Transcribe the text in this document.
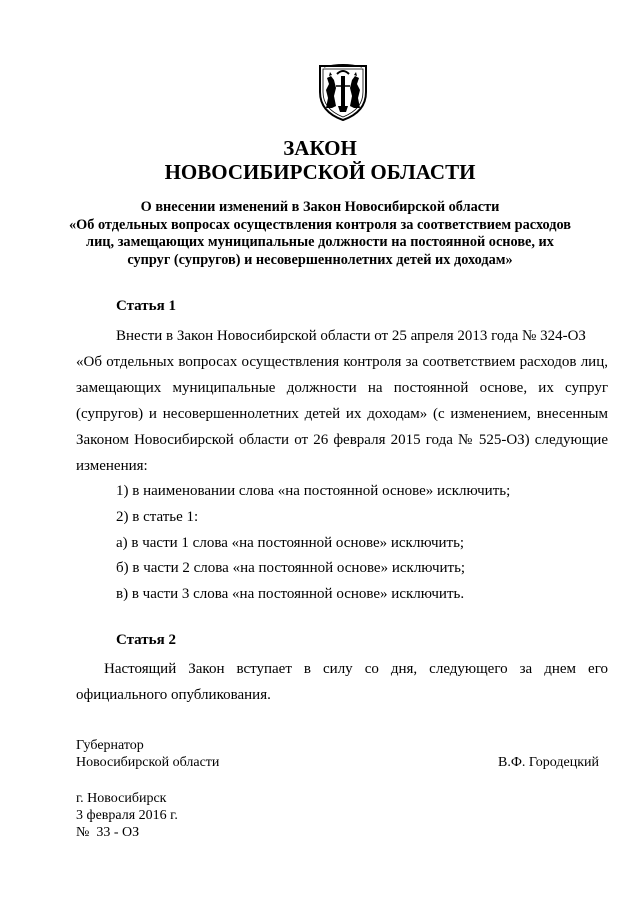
ЗАКОН
НОВОСИБИРСКОЙ ОБЛАСТИ
О внесении изменений в Закон Новосибирской области
«Об отдельных вопросах осуществления контроля за соответствием расходов
лиц, замещающих муниципальные должности на постоянной основе, их
супруг (супругов) и несовершеннолетних детей их доходам»
Статья 1
Внести в Закон Новосибирской области от 25 апреля 2013 года № 324-ОЗ
«Об отдельных вопросах осуществления контроля за соответствием расходов лиц,
замещающих муниципальные должности на постоянной основе, их супруг
(супругов) и несовершеннолетних детей их доходам» (с изменением, внесенным
Законом Новосибирской области от 26 февраля 2015 года № 525-ОЗ) следующие
изменения:
1) в наименовании слова «на постоянной основе» исключить;
2) в статье 1:
а) в части 1 слова «на постоянной основе» исключить;
б) в части 2 слова «на постоянной основе» исключить;
в) в части 3 слова «на постоянной основе» исключить.
Статья 2
Настоящий Закон вступает в силу со дня, следующего за днем его
официального опубликования.
Губернатор
Новосибирской области	В.Ф. Городецкий
г. Новосибирск
3 февраля 2016 г.
№  33 - ОЗ
